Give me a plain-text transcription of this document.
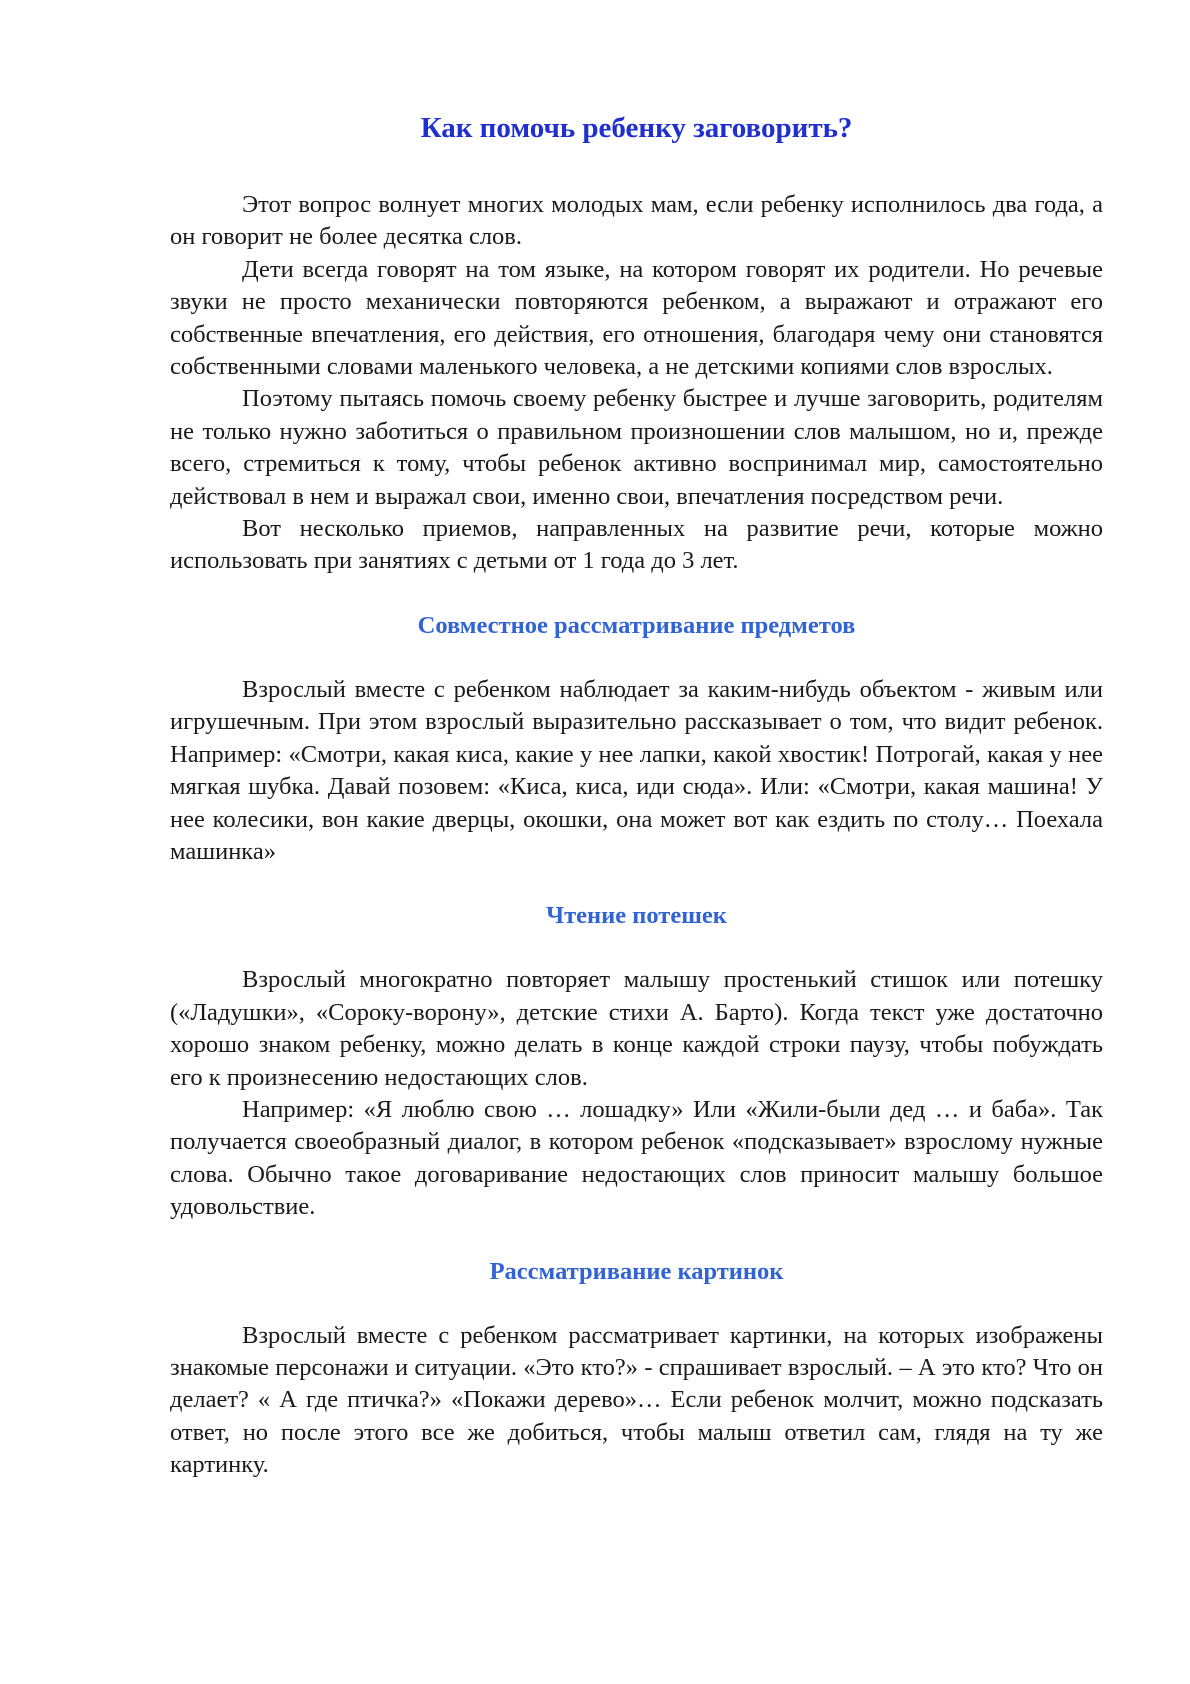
Как помочь ребенку заговорить?

Этот вопрос волнует многих молодых мам, если ребенку исполнилось два года, а он говорит не более десятка слов.

Дети всегда говорят на том языке, на котором говорят их родители. Но речевые звуки не просто механически повторяются ребенком, а выражают и отражают его собственные впечатления, его действия, его отношения, благодаря чему они становятся собственными словами маленького человека, а не детскими копиями слов взрослых.

Поэтому пытаясь помочь своему ребенку быстрее и лучше заговорить, родителям не только нужно заботиться о правильном произношении слов малышом, но и, прежде всего, стремиться к тому, чтобы ребенок активно воспринимал мир, самостоятельно действовал в нем и выражал свои, именно свои, впечатления посредством речи.

Вот несколько приемов, направленных на развитие речи, которые можно использовать при занятиях с детьми от 1 года до 3 лет.

Совместное рассматривание предметов

Взрослый вместе с ребенком наблюдает за каким-нибудь объектом - живым или игрушечным. При этом взрослый выразительно рассказывает о том, что видит ребенок. Например: «Смотри, какая киса, какие у нее лапки, какой хвостик! Потрогай, какая у нее мягкая шубка. Давай позовем: «Киса, киса, иди сюда». Или: «Смотри, какая машина! У нее колесики, вон какие дверцы, окошки, она может вот как ездить по столу… Поехала машинка»

Чтение потешек

Взрослый многократно повторяет малышу простенький стишок или потешку («Ладушки», «Сороку-ворону», детские стихи А. Барто). Когда текст уже достаточно хорошо знаком ребенку, можно делать в конце каждой строки паузу, чтобы побуждать его к произнесению недостающих слов.

Например: «Я люблю свою … лошадку» Или «Жили-были дед … и баба». Так получается своеобразный диалог, в котором ребенок «подсказывает» взрослому нужные слова. Обычно такое договаривание недостающих слов приносит малышу большое удовольствие.

Рассматривание картинок

Взрослый вместе с ребенком рассматривает картинки, на которых изображены знакомые персонажи и ситуации. «Это кто?» - спрашивает взрослый. – А это кто? Что он делает? « А где птичка?» «Покажи дерево»… Если ребенок молчит, можно подсказать ответ, но после этого все же добиться, чтобы малыш ответил сам, глядя на ту же картинку.
